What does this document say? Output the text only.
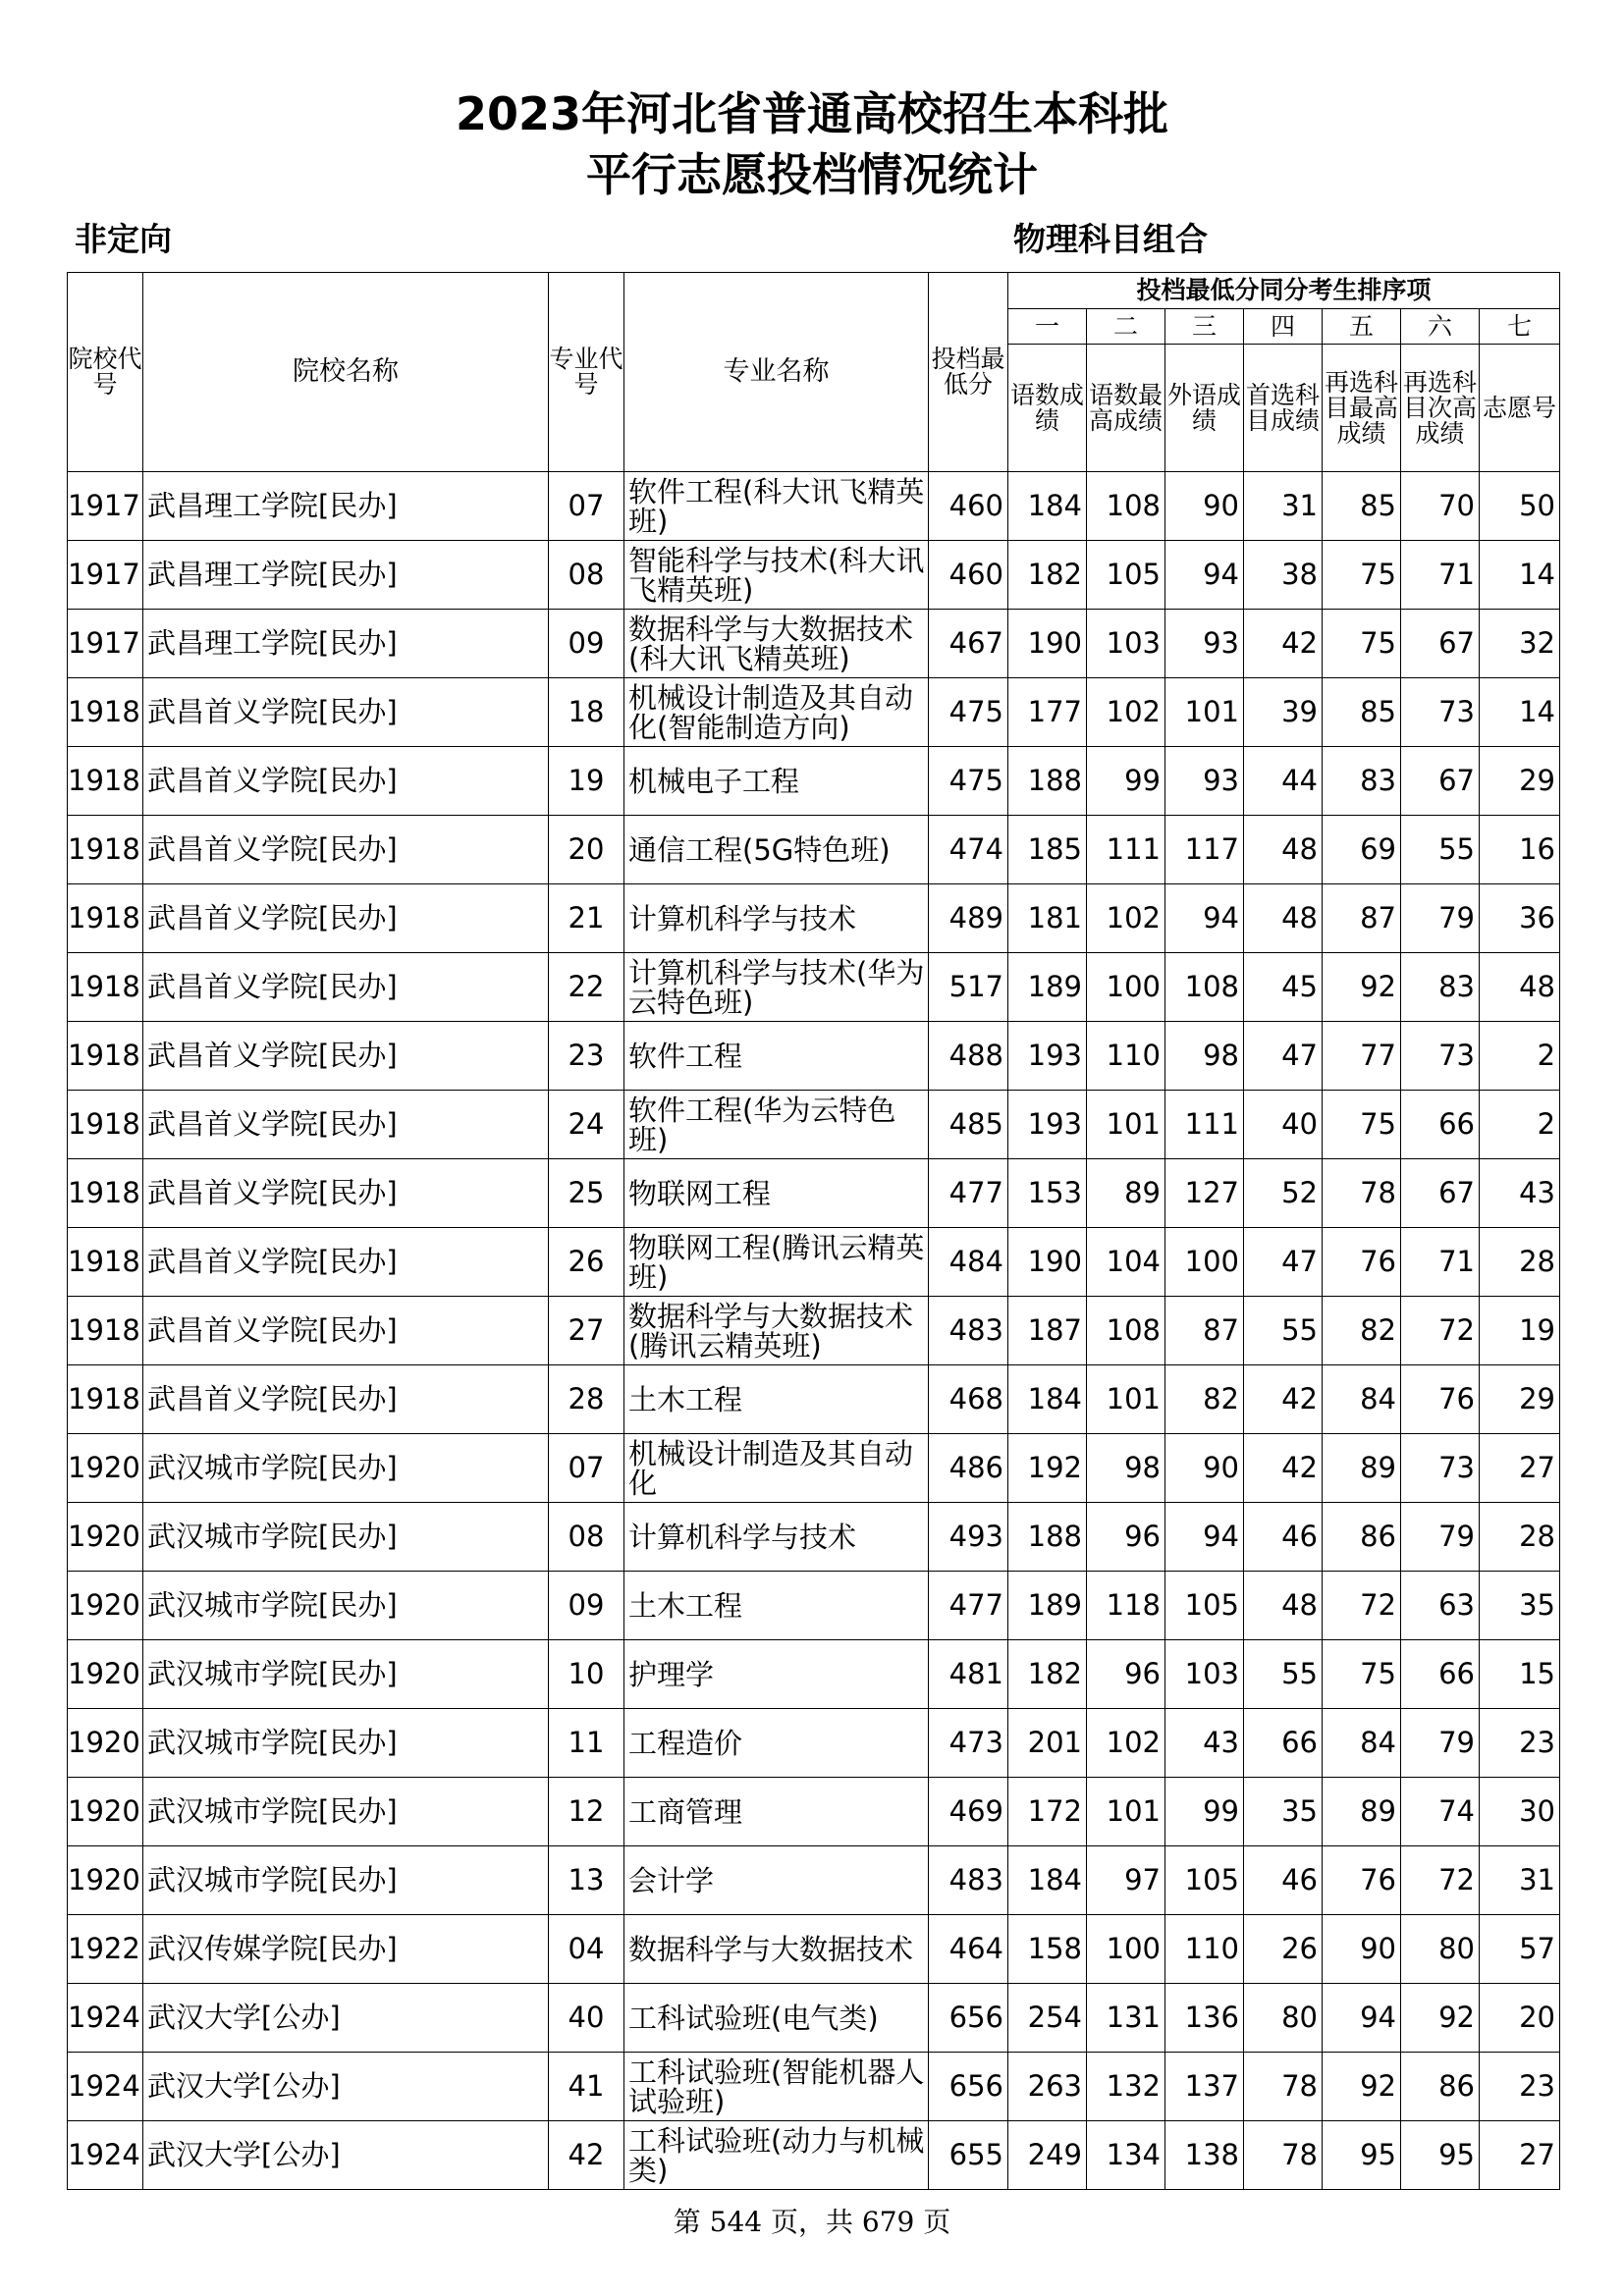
2023年河北省普通高校招生本科批
平行志愿投档情况统计
非定向	物理科目组合
院校代号	院校名称	专业代号	专业名称	投档最低分	投档最低分同分考生排序项						
					一	二	三	四	五	六	七
					语数成绩	语数最高成绩	外语成绩	首选科目成绩	再选科目最高成绩	再选科目次高成绩	志愿号
1917	武昌理工学院[民办]	07	软件工程(科大讯飞精英班)	460	184	108	90	31	85	70	50
1917	武昌理工学院[民办]	08	智能科学与技术(科大讯飞精英班)	460	182	105	94	38	75	71	14
1917	武昌理工学院[民办]	09	数据科学与大数据技术(科大讯飞精英班)	467	190	103	93	42	75	67	32
1918	武昌首义学院[民办]	18	机械设计制造及其自动化(智能制造方向)	475	177	102	101	39	85	73	14
1918	武昌首义学院[民办]	19	机械电子工程	475	188	99	93	44	83	67	29
1918	武昌首义学院[民办]	20	通信工程(5G特色班)	474	185	111	117	48	69	55	16
1918	武昌首义学院[民办]	21	计算机科学与技术	489	181	102	94	48	87	79	36
1918	武昌首义学院[民办]	22	计算机科学与技术(华为云特色班)	517	189	100	108	45	92	83	48
1918	武昌首义学院[民办]	23	软件工程	488	193	110	98	47	77	73	2
1918	武昌首义学院[民办]	24	软件工程(华为云特色班)	485	193	101	111	40	75	66	2
1918	武昌首义学院[民办]	25	物联网工程	477	153	89	127	52	78	67	43
1918	武昌首义学院[民办]	26	物联网工程(腾讯云精英班)	484	190	104	100	47	76	71	28
1918	武昌首义学院[民办]	27	数据科学与大数据技术(腾讯云精英班)	483	187	108	87	55	82	72	19
1918	武昌首义学院[民办]	28	土木工程	468	184	101	82	42	84	76	29
1920	武汉城市学院[民办]	07	机械设计制造及其自动化	486	192	98	90	42	89	73	27
1920	武汉城市学院[民办]	08	计算机科学与技术	493	188	96	94	46	86	79	28
1920	武汉城市学院[民办]	09	土木工程	477	189	118	105	48	72	63	35
1920	武汉城市学院[民办]	10	护理学	481	182	96	103	55	75	66	15
1920	武汉城市学院[民办]	11	工程造价	473	201	102	43	66	84	79	23
1920	武汉城市学院[民办]	12	工商管理	469	172	101	99	35	89	74	30
1920	武汉城市学院[民办]	13	会计学	483	184	97	105	46	76	72	31
1922	武汉传媒学院[民办]	04	数据科学与大数据技术	464	158	100	110	26	90	80	57
1924	武汉大学[公办]	40	工科试验班(电气类)	656	254	131	136	80	94	92	20
1924	武汉大学[公办]	41	工科试验班(智能机器人试验班)	656	263	132	137	78	92	86	23
1924	武汉大学[公办]	42	工科试验班(动力与机械类)	655	249	134	138	78	95	95	27
第 544 页，共 679 页
